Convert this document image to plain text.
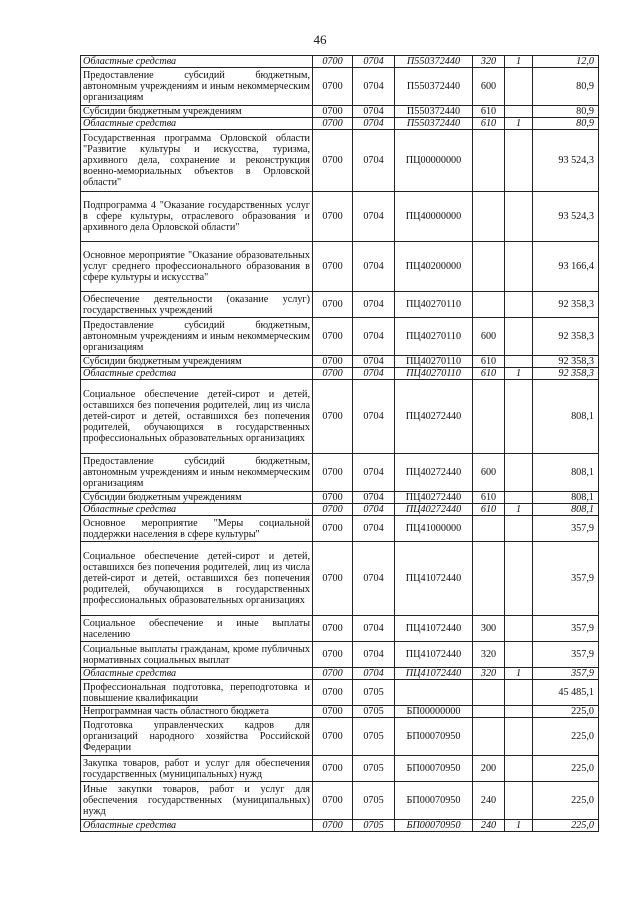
46
Областные средства	0700	0704	П550372440	320	1	12,0
Предоставление субсидий бюджетным, автономным учреждениям и иным некоммерческим организациям	0700	0704	П550372440	600		80,9
Субсидии бюджетным учреждениям	0700	0704	П550372440	610		80,9
Областные средства	0700	0704	П550372440	610	1	80,9
Государственная программа Орловской области "Развитие культуры и искусства, туризма, архивного дела, сохранение и реконструкция военно-мемориальных объектов в Орловской области"	0700	0704	ПЦ00000000			93 524,3
Подпрограмма 4 "Оказание государственных услуг в сфере культуры, отраслевого образования и архивного дела Орловской области"	0700	0704	ПЦ40000000			93 524,3
Основное мероприятие "Оказание образовательных услуг среднего профессионального образования в сфере культуры и искусства"	0700	0704	ПЦ40200000			93 166,4
Обеспечение деятельности (оказание услуг) государственных учреждений	0700	0704	ПЦ40270110			92 358,3
Предоставление субсидий бюджетным, автономным учреждениям и иным некоммерческим организациям	0700	0704	ПЦ40270110	600		92 358,3
Субсидии бюджетным учреждениям	0700	0704	ПЦ40270110	610		92 358,3
Областные средства	0700	0704	ПЦ40270110	610	1	92 358,3
Социальное обеспечение детей-сирот и детей, оставшихся без попечения родителей, лиц из числа детей-сирот и детей, оставшихся без попечения родителей, обучающихся в государственных профессиональных образовательных организациях	0700	0704	ПЦ40272440			808,1
Предоставление субсидий бюджетным, автономным учреждениям и иным некоммерческим организациям	0700	0704	ПЦ40272440	600		808,1
Субсидии бюджетным учреждениям	0700	0704	ПЦ40272440	610		808,1
Областные средства	0700	0704	ПЦ40272440	610	1	808,1
Основное мероприятие "Меры социальной поддержки населения в сфере культуры"	0700	0704	ПЦ41000000			357,9
Социальное обеспечение детей-сирот и детей, оставшихся без попечения родителей, лиц из числа детей-сирот и детей, оставшихся без попечения родителей, обучающихся в государственных профессиональных образовательных организациях	0700	0704	ПЦ41072440			357,9
Социальное обеспечение и иные выплаты населению	0700	0704	ПЦ41072440	300		357,9
Социальные выплаты гражданам, кроме публичных нормативных социальных выплат	0700	0704	ПЦ41072440	320		357,9
Областные средства	0700	0704	ПЦ41072440	320	1	357,9
Профессиональная подготовка, переподготовка и повышение квалификации	0700	0705				45 485,1
Непрограммная часть областного бюджета	0700	0705	БП00000000			225,0
Подготовка управленческих кадров для организаций народного хозяйства Российской Федерации	0700	0705	БП00070950			225,0
Закупка товаров, работ и услуг для обеспечения государственных (муниципальных) нужд	0700	0705	БП00070950	200		225,0
Иные закупки товаров, работ и услуг для обеспечения государственных (муниципальных) нужд	0700	0705	БП00070950	240		225,0
Областные средства	0700	0705	БП00070950	240	1	225,0
